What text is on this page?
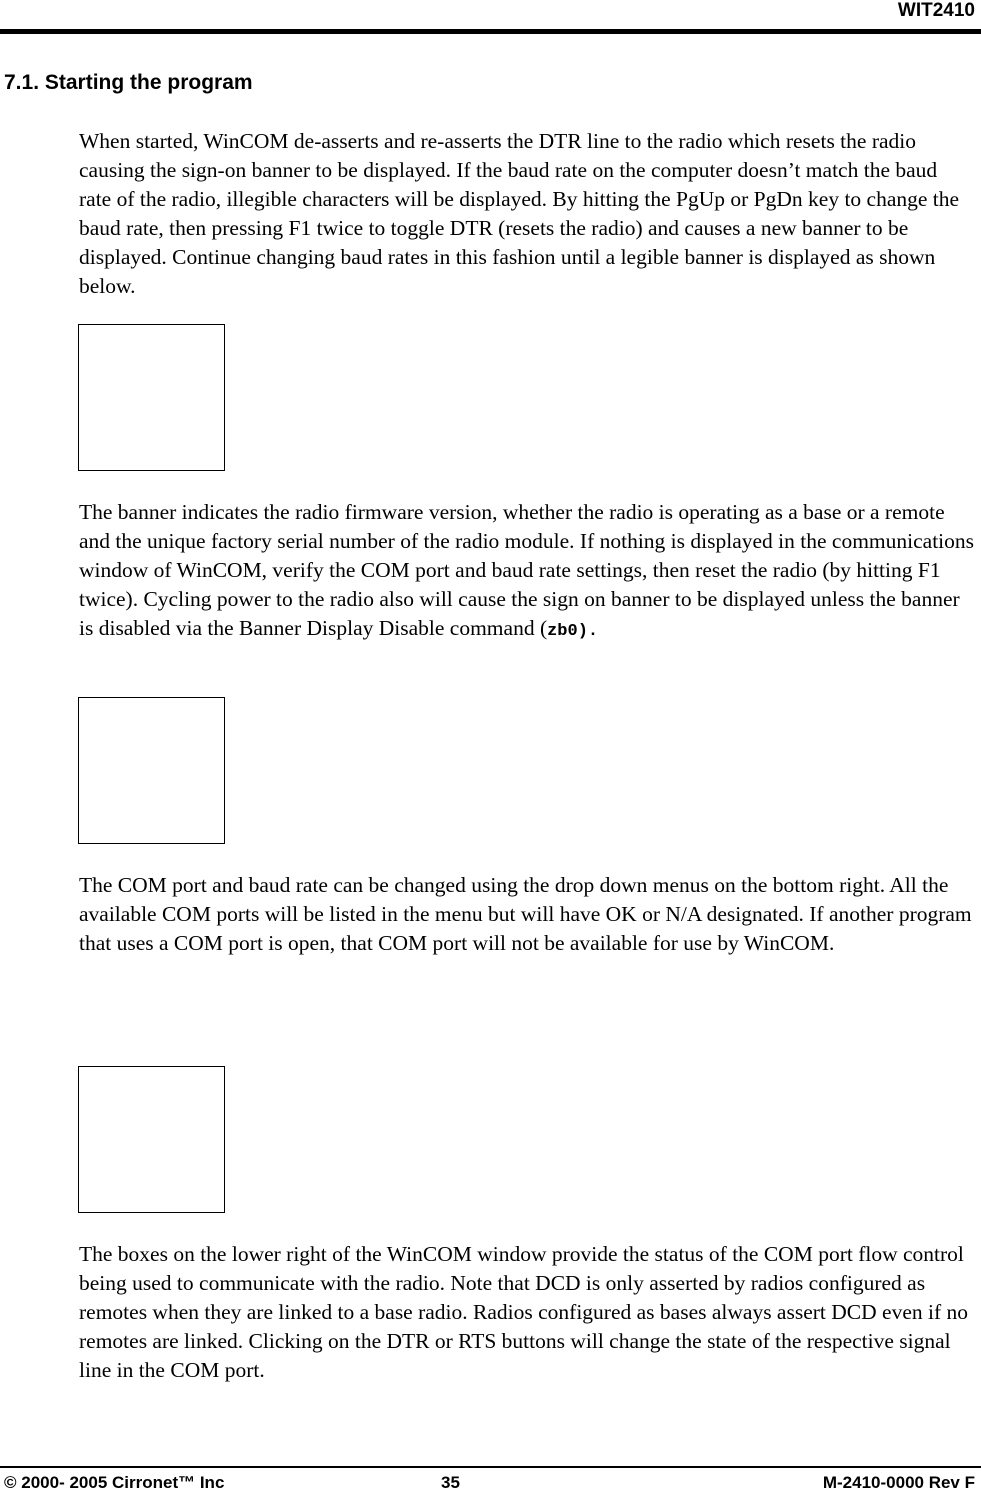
WIT2410
7.1. Starting the program

When started, WinCOM de-asserts and re-asserts the DTR line to the radio which resets the radio causing the sign-on banner to be displayed. If the baud rate on the computer doesn’t match the baud rate of the radio, illegible characters will be displayed. By hitting the PgUp or PgDn key to change the baud rate, then pressing F1 twice to toggle DTR (resets the radio) and causes a new banner to be displayed. Continue changing baud rates in this fashion until a legible banner is displayed as shown below.

The banner indicates the radio firmware version, whether the radio is operating as a base or a remote and the unique factory serial number of the radio module. If nothing is displayed in the communications window of WinCOM, verify the COM port and baud rate settings, then reset the radio (by hitting F1 twice). Cycling power to the radio also will cause the sign on banner to be displayed unless the banner is disabled via the Banner Display Disable command (zb0).

The COM port and baud rate can be changed using the drop down menus on the bottom right. All the available COM ports will be listed in the menu but will have OK or N/A designated. If another program that uses a COM port is open, that COM port will not be available for use by WinCOM.

The boxes on the lower right of the WinCOM window provide the status of the COM port flow control being used to communicate with the radio. Note that DCD is only asserted by radios configured as remotes when they are linked to a base radio. Radios configured as bases always assert DCD even if no remotes are linked. Clicking on the DTR or RTS buttons will change the state of the respective signal line in the COM port.

© 2000- 2005 Cirronet™ Inc	35	M-2410-0000 Rev F
